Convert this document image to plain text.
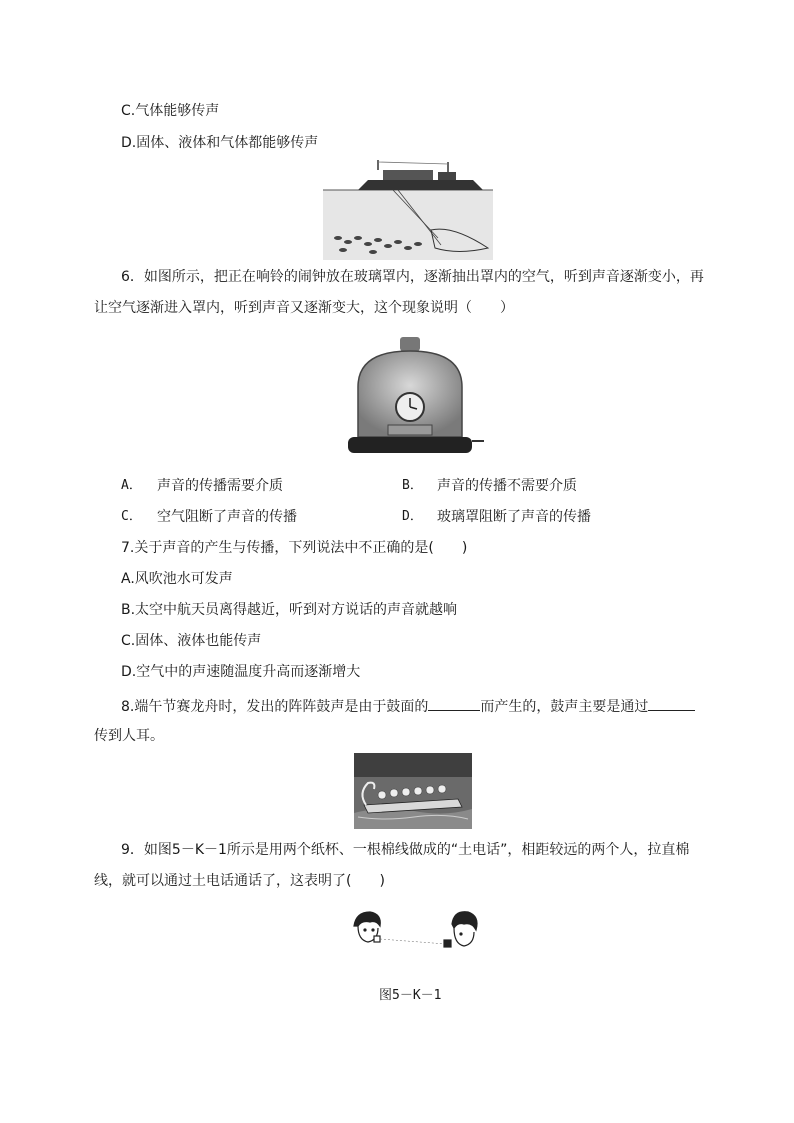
C.气体能够传声
D.固体、液体和气体都能够传声
6．如图所示，把正在响铃的闹钟放在玻璃罩内，逐渐抽出罩内的空气，听到声音逐渐变小，再
让空气逐渐进入罩内，听到声音又逐渐变大，这个现象说明（　　）
A． 声音的传播需要介质	B． 声音的传播不需要介质
C． 空气阻断了声音的传播	D． 玻璃罩阻断了声音的传播
7.关于声音的产生与传播，下列说法中不正确的是(　　)
A.风吹池水可发声
B.太空中航天员离得越近，听到对方说话的声音就越响
C.固体、液体也能传声
D.空气中的声速随温度升高而逐渐增大
8.端午节赛龙舟时，发出的阵阵鼓声是由于鼓面的	而产生的，鼓声主要是通过
传到人耳。
9．如图5－K－1所示是用两个纸杯、一根棉线做成的“土电话”，相距较远的两个人，拉直棉
线，就可以通过土电话通话了，这表明了(　　)
图5－K－1
